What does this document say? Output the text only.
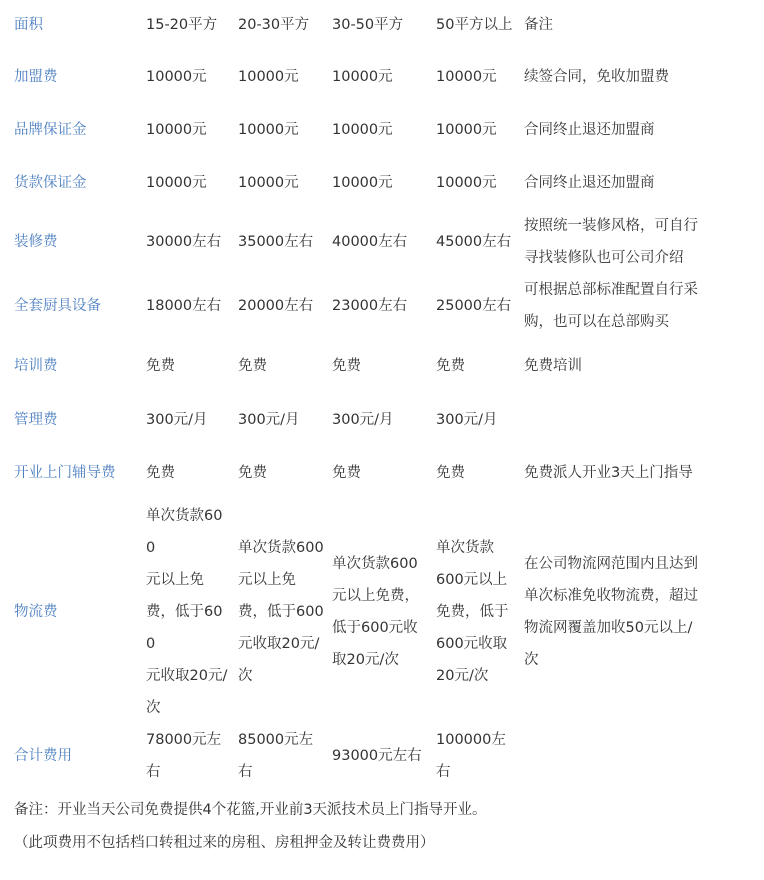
面积	15-20平方	20-30平方	30-50平方	50平方以上	备注
加盟费	10000元	10000元	10000元	10000元	续签合同，免收加盟费
品牌保证金	10000元	10000元	10000元	10000元	合同终止退还加盟商
货款保证金	10000元	10000元	10000元	10000元	合同终止退还加盟商
装修费	30000左右	35000左右	40000左右	45000左右	按照统一装修风格，可自行
寻找装修队也可公司介绍
全套厨具设备	18000左右	20000左右	23000左右	25000左右	可根据总部标准配置自行采
购，也可以在总部购买
培训费	免费	免费	免费	免费	免费培训
管理费	300元/月	300元/月	300元/月	300元/月	
开业上门辅导费	免费	免费	免费	免费	免费派人开业3天上门指导
物流费	单次货款600
元以上免
费，低于600
元收取20元/
次	单次货款600
元以上免
费，低于600
元收取20元/
次	单次货款600
元以上免费，
低于600元收
取20元/次	单次货款
600元以上
免费，低于
600元收取
20元/次	在公司物流网范围内且达到
单次标准免收物流费，超过
物流网覆盖加收50元以上/
次
合计费用	78000元左
右	85000元左
右	93000元左右	100000左
右	
备注：开业当天公司免费提供4个花篮,开业前3天派技术员上门指导开业。
（此项费用不包括档口转租过来的房租、房租押金及转让费费用）
